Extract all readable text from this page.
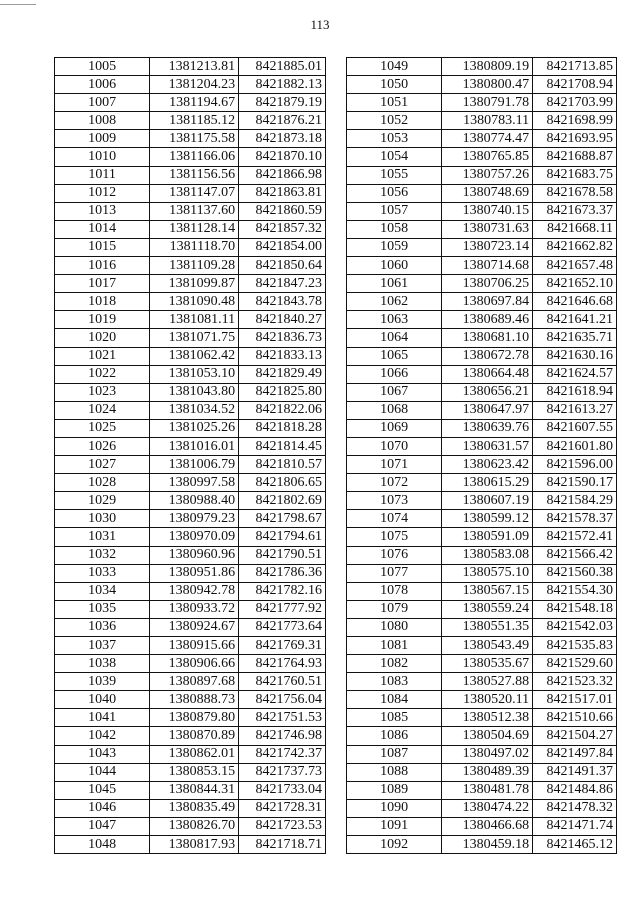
113
1005	1381213.81	8421885.01
1006	1381204.23	8421882.13
1007	1381194.67	8421879.19
1008	1381185.12	8421876.21
1009	1381175.58	8421873.18
1010	1381166.06	8421870.10
1011	1381156.56	8421866.98
1012	1381147.07	8421863.81
1013	1381137.60	8421860.59
1014	1381128.14	8421857.32
1015	1381118.70	8421854.00
1016	1381109.28	8421850.64
1017	1381099.87	8421847.23
1018	1381090.48	8421843.78
1019	1381081.11	8421840.27
1020	1381071.75	8421836.73
1021	1381062.42	8421833.13
1022	1381053.10	8421829.49
1023	1381043.80	8421825.80
1024	1381034.52	8421822.06
1025	1381025.26	8421818.28
1026	1381016.01	8421814.45
1027	1381006.79	8421810.57
1028	1380997.58	8421806.65
1029	1380988.40	8421802.69
1030	1380979.23	8421798.67
1031	1380970.09	8421794.61
1032	1380960.96	8421790.51
1033	1380951.86	8421786.36
1034	1380942.78	8421782.16
1035	1380933.72	8421777.92
1036	1380924.67	8421773.64
1037	1380915.66	8421769.31
1038	1380906.66	8421764.93
1039	1380897.68	8421760.51
1040	1380888.73	8421756.04
1041	1380879.80	8421751.53
1042	1380870.89	8421746.98
1043	1380862.01	8421742.37
1044	1380853.15	8421737.73
1045	1380844.31	8421733.04
1046	1380835.49	8421728.31
1047	1380826.70	8421723.53
1048	1380817.93	8421718.71
1049	1380809.19	8421713.85
1050	1380800.47	8421708.94
1051	1380791.78	8421703.99
1052	1380783.11	8421698.99
1053	1380774.47	8421693.95
1054	1380765.85	8421688.87
1055	1380757.26	8421683.75
1056	1380748.69	8421678.58
1057	1380740.15	8421673.37
1058	1380731.63	8421668.11
1059	1380723.14	8421662.82
1060	1380714.68	8421657.48
1061	1380706.25	8421652.10
1062	1380697.84	8421646.68
1063	1380689.46	8421641.21
1064	1380681.10	8421635.71
1065	1380672.78	8421630.16
1066	1380664.48	8421624.57
1067	1380656.21	8421618.94
1068	1380647.97	8421613.27
1069	1380639.76	8421607.55
1070	1380631.57	8421601.80
1071	1380623.42	8421596.00
1072	1380615.29	8421590.17
1073	1380607.19	8421584.29
1074	1380599.12	8421578.37
1075	1380591.09	8421572.41
1076	1380583.08	8421566.42
1077	1380575.10	8421560.38
1078	1380567.15	8421554.30
1079	1380559.24	8421548.18
1080	1380551.35	8421542.03
1081	1380543.49	8421535.83
1082	1380535.67	8421529.60
1083	1380527.88	8421523.32
1084	1380520.11	8421517.01
1085	1380512.38	8421510.66
1086	1380504.69	8421504.27
1087	1380497.02	8421497.84
1088	1380489.39	8421491.37
1089	1380481.78	8421484.86
1090	1380474.22	8421478.32
1091	1380466.68	8421471.74
1092	1380459.18	8421465.12
